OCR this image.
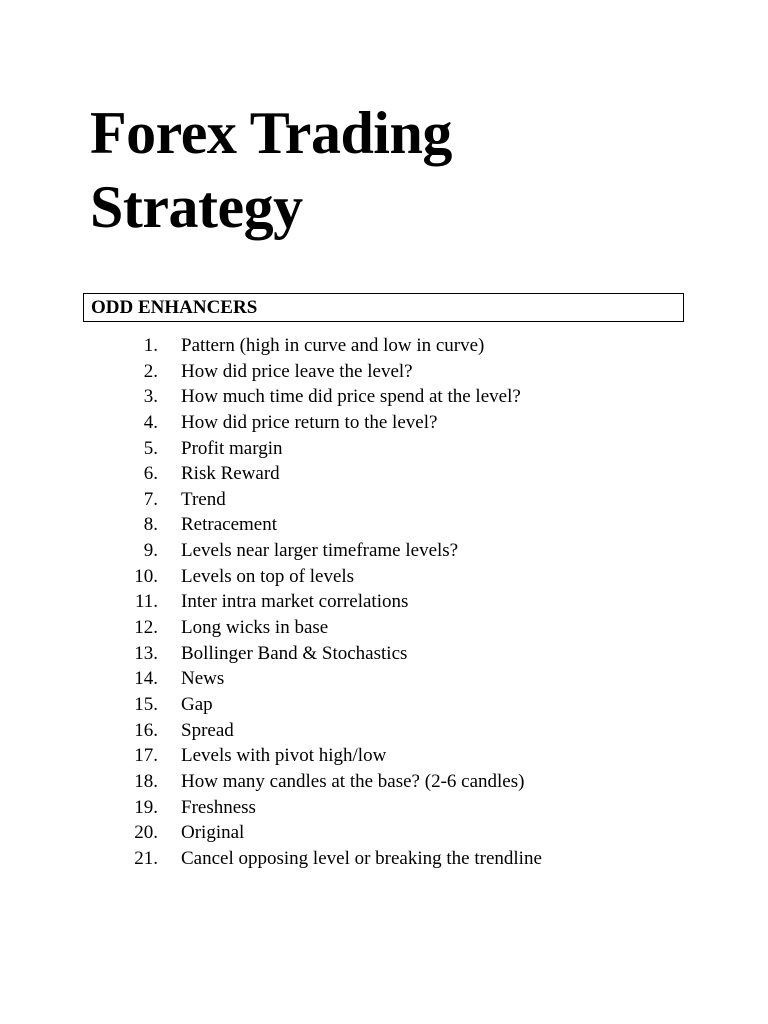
Forex Trading
Strategy
ODD ENHANCERS
1.	Pattern (high in curve and low in curve)
2.	How did price leave the level?
3.	How much time did price spend at the level?
4.	How did price return to the level?
5.	Profit margin
6.	Risk Reward
7.	Trend
8.	Retracement
9.	Levels near larger timeframe levels?
10.	Levels on top of levels
11.	Inter intra market correlations
12.	Long wicks in base
13.	Bollinger Band & Stochastics
14.	News
15.	Gap
16.	Spread
17.	Levels with pivot high/low
18.	How many candles at the base? (2-6 candles)
19.	Freshness
20.	Original
21.	Cancel opposing level or breaking the trendline
